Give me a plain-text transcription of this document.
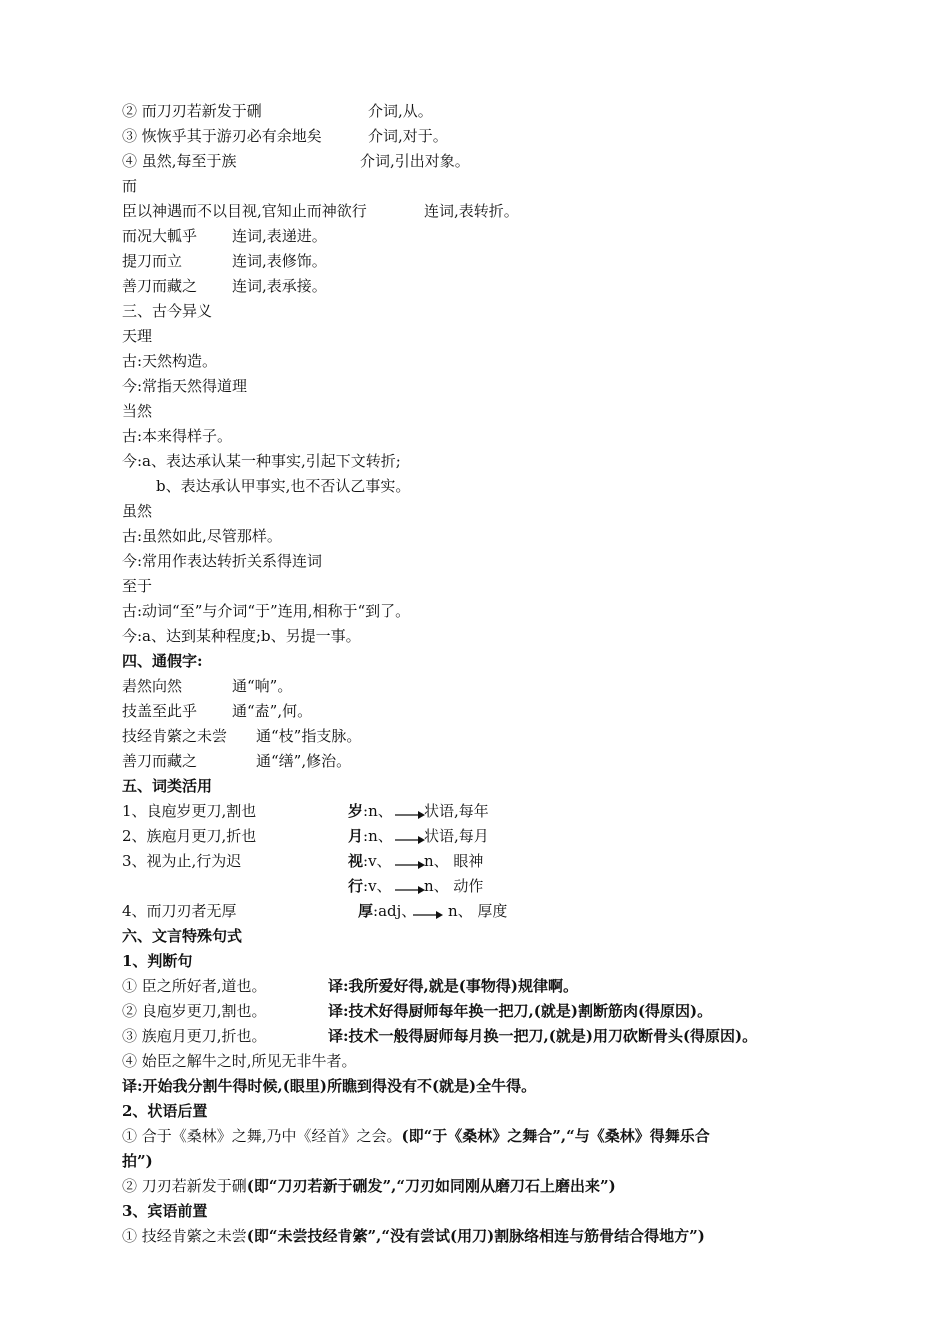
② 而刀刃若新发于硎	介词,从。
③ 恢恢乎其于游刃必有余地矣	介词,对于。
④ 虽然,每至于族	介词,引出对象。
而
臣以神遇而不以目视,官知止而神欲行	连词,表转折。
而况大軱乎 连词,表递进。
提刀而立	连词,表修饰。
善刀而藏之 连词,表承接。
三、古今异义
天理
古:天然构造。
今:常指天然得道理
当然
古:本来得样子。
今:a、表达承认某一种事实,引起下文转折;
b、表达承认甲事实,也不否认乙事实。
虽然
古:虽然如此,尽管那样。
今:常用作表达转折关系得连词
至于
古:动词“至”与介词“于”连用,相称于“到了。
今:a、达到某种程度;b、另提一事。
四、通假字:
砉然向然	通“响”。
技盖至此乎 通“盍”,何。
技经肯綮之未尝 通“枝”指支脉。
善刀而藏之	通“缮”,修治。
五、词类活用
1、良庖岁更刀,割也	岁:n、 状语,每年
2、族庖月更刀,折也	月:n、 状语,每月
3、视为止,行为迟	视:v、 n、 眼神
行:v、 n、 动作
4、而刀刃者无厚	厚:adj、 n、 厚度
六、文言特殊句式
1、判断句
① 臣之所好者,道也。	译:我所爱好得,就是(事物得)规律啊。
② 良庖岁更刀,割也。	译:技术好得厨师每年换一把刀,(就是)割断筋肉(得原因)。
③ 族庖月更刀,折也。	译:技术一般得厨师每月换一把刀,(就是)用刀砍断骨头(得原因)。
④ 始臣之解牛之时,所见无非牛者。
译:开始我分割牛得时候,(眼里)所瞧到得没有不(就是)全牛得。
2、状语后置
① 合于《桑林》之舞,乃中《经首》之会。(即“于《桑林》之舞合”,“与《桑林》得舞乐合
拍”)
② 刀刃若新发于硎(即“刀刃若新于硎发”,“刀刃如同刚从磨刀石上磨出来”)
3、宾语前置
① 技经肯綮之未尝(即“未尝技经肯綮”,“没有尝试(用刀)割脉络相连与筋骨结合得地方”)
